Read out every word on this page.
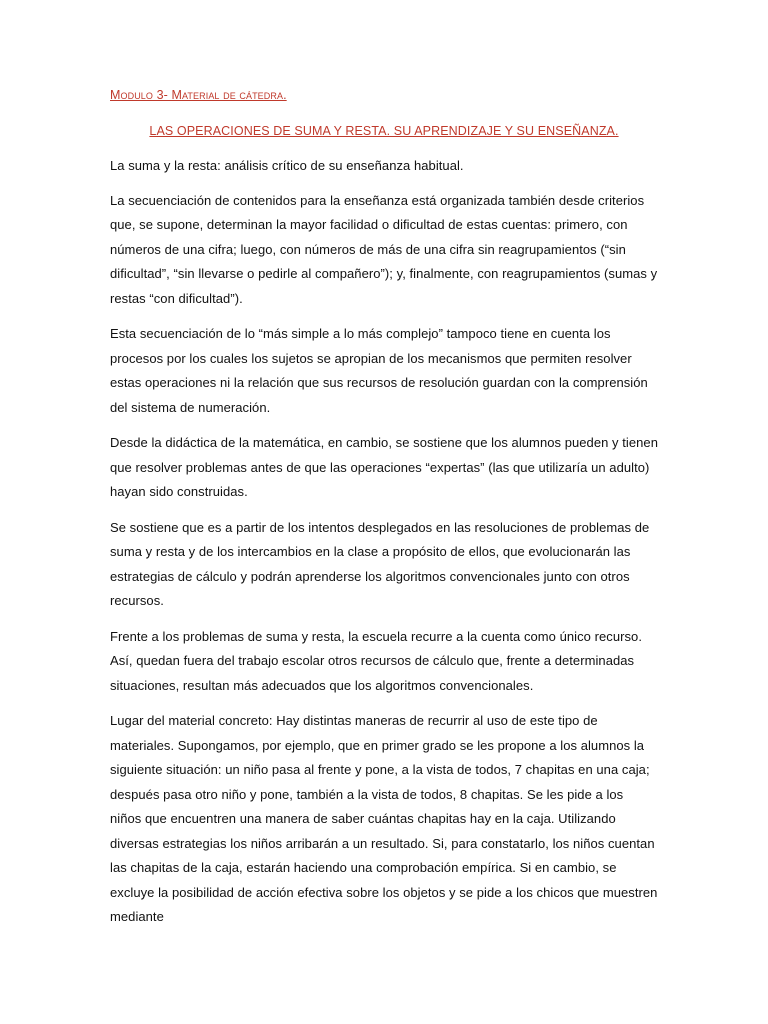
Modulo 3- Material de cátedra.
LAS OPERACIONES DE SUMA Y RESTA. SU APRENDIZAJE Y SU ENSEÑANZA.

La suma y la resta: análisis crítico de su enseñanza habitual.

La secuenciación de contenidos para la enseñanza está organizada también desde criterios que, se supone, determinan la mayor facilidad o dificultad de estas cuentas: primero, con números de una cifra; luego, con números de más de una cifra sin reagrupamientos (“sin dificultad”, “sin llevarse o pedirle al compañero”); y, finalmente, con reagrupamientos (sumas y restas “con dificultad”).

Esta secuenciación de lo “más simple a lo más complejo” tampoco tiene en cuenta los procesos por los cuales los sujetos se apropian de los mecanismos que permiten resolver estas operaciones ni la relación que sus recursos de resolución guardan con la comprensión del sistema de numeración.

Desde la didáctica de la matemática, en cambio, se sostiene que los alumnos pueden y tienen que resolver problemas antes de que las operaciones “expertas” (las que utilizaría un adulto) hayan sido construidas.

Se sostiene que es a partir de los intentos desplegados en las resoluciones de problemas de suma y resta y de los intercambios en la clase a propósito de ellos, que evolucionarán las estrategias de cálculo y podrán aprenderse los algoritmos convencionales junto con otros recursos.

Frente a los problemas de suma y resta, la escuela recurre a la cuenta como único recurso. Así, quedan fuera del trabajo escolar otros recursos de cálculo que, frente a determinadas situaciones, resultan más adecuados que los algoritmos convencionales.

Lugar del material concreto: Hay distintas maneras de recurrir al uso de este tipo de materiales. Supongamos, por ejemplo, que en primer grado se les propone a los alumnos la siguiente situación: un niño pasa al frente y pone, a la vista de todos, 7 chapitas en una caja; después pasa otro niño y pone, también a la vista de todos, 8 chapitas. Se les pide a los niños que encuentren una manera de saber cuántas chapitas hay en la caja. Utilizando diversas estrategias los niños arribarán a un resultado. Si, para constatarlo, los niños cuentan las chapitas de la caja, estarán haciendo una comprobación empírica. Si en cambio, se excluye la posibilidad de acción efectiva sobre los objetos y se pide a los chicos que muestren mediante
